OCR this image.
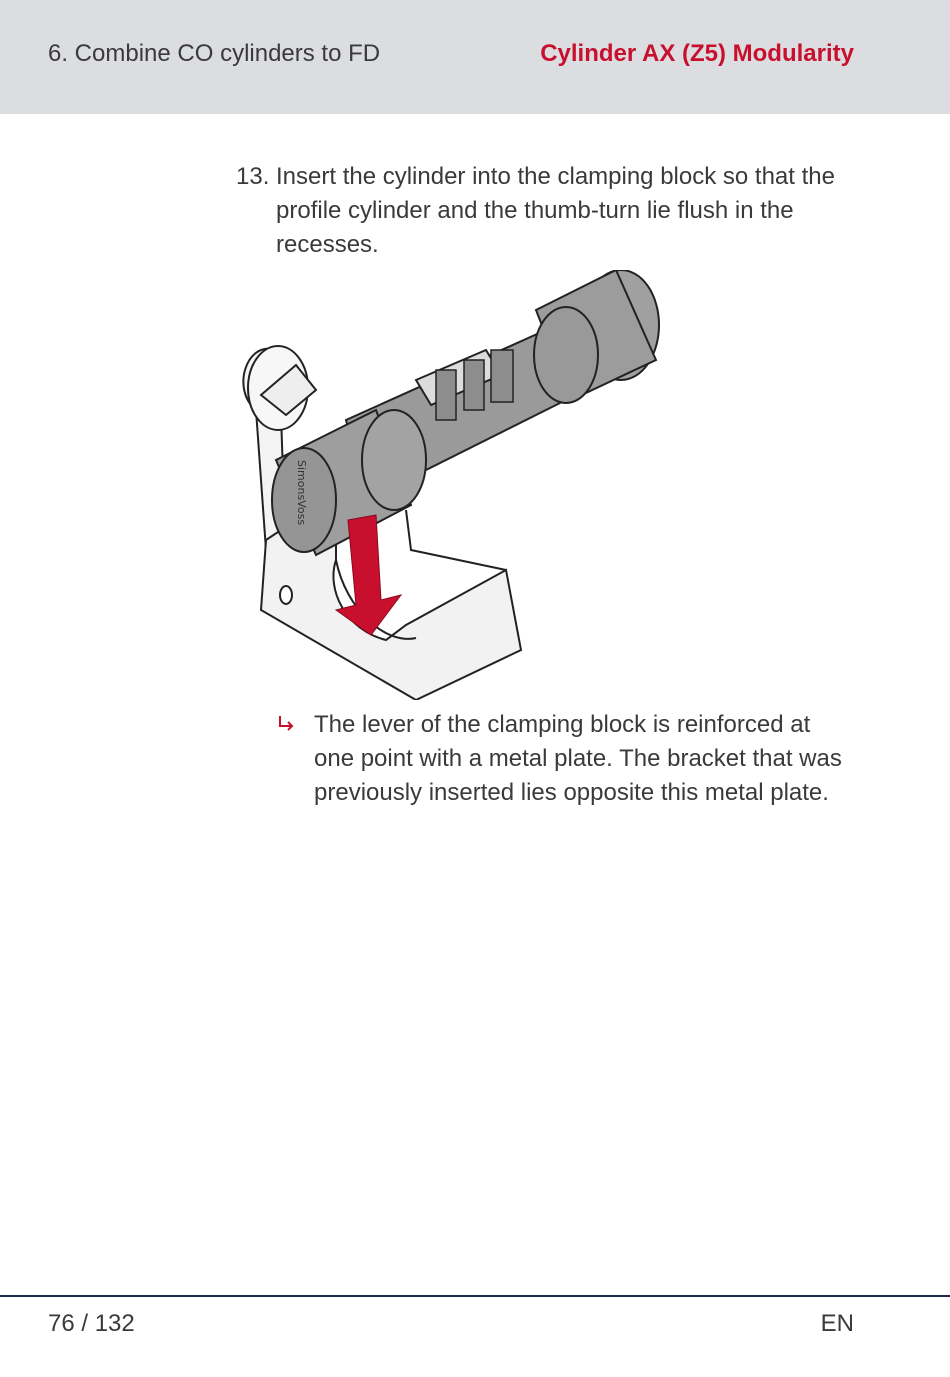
6. Combine CO cylinders to FD	Cylinder AX (Z5) Modularity
13. Insert the cylinder into the clamping block so that the profile cylinder and the thumb-turn lie flush in the recesses.
SimonsVoss
The lever of the clamping block is reinforced at one point with a metal plate. The bracket that was previously inserted lies opposite this metal plate.
76 / 132	EN
